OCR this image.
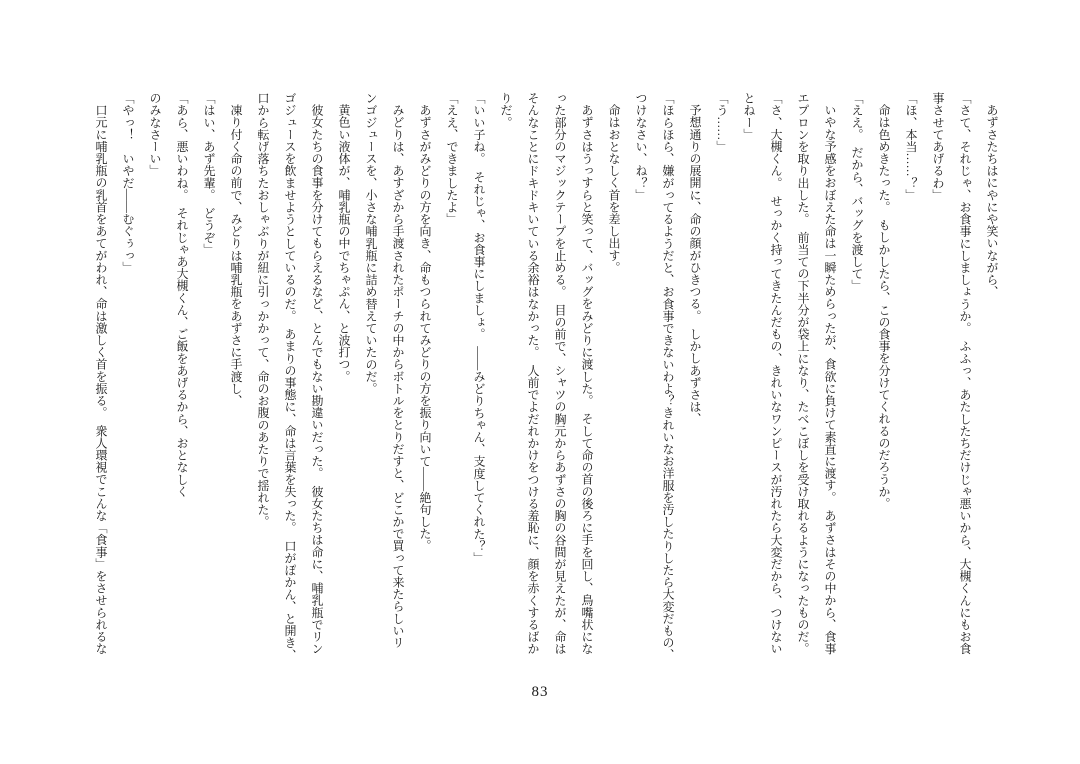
あずさたちはにやにや笑いながら、
「さて、それじゃ、お食事にしましょうか。　ふふっ、あたしたちだけじゃ悪いから、大槻くんにもお食
事させてあげるわ」
「ほ、本当……？」
命は色めきたった。　もしかしたら、この食事を分けてくれるのだろうか。
「ええ。　だから、バッグを渡して」
いやな予感をおぼえた命は一瞬ためらったが、食欲に負けて素直に渡す。　あずさはその中から、食事
エプロンを取り出した。　前当ての下半分が袋上になり、たべこぼしを受け取れるようになったものだ。
「さ、大槻くん。　せっかく持ってきたんだもの、きれいなワンピースが汚れたら大変だから、つけない
とねー」
「う……」
予想通りの展開に、命の顔がひきつる。　しかしあずさは、
「ほらほら、嫌がってるようだと、お食事できないわよ？きれいなお洋服を汚したりしたら大変だもの、
つけなさい、ね？」
命はおとなしく首を差し出す。
あずさはうっすらと笑って、バッグをみどりに渡した。　そして命の首の後ろに手を回し、鳥嘴状にな
った部分のマジックテープを止める。　目の前で、シャツの胸元からあずさの胸の谷間が見えたが、命は
そんなことにドキドキいている余裕はなかった。　人前でよだれかけをつける羞恥に、顔を赤くするばか
りだ。
「いい子ね。　それじゃ、お食事にしましょ。　――みどりちゃん、支度してくれた？」
「ええ、できましたよ」
あずさがみどりの方を向き、命もつられてみどりの方を振り向いて――絶句した。
みどりは、あすざから手渡されたポーチの中からボトルをとりだすと、どこかで買って来たらしいリ
ンゴジュースを、小さな哺乳瓶に詰め替えていたのだ。
黄色い液体が、哺乳瓶の中でちゃぷん、と波打つ。
彼女たちの食事を分けてもらえるなど、とんでもない勘違いだった。　彼女たちは命に、哺乳瓶でリン
ゴジュースを飲ませようとしているのだ。　あまりの事態に、命は言葉を失った。　口がぽかん、と開き、
口から転げ落ちたおしゃぶりが紐に引っかかって、命のお腹のあたりで揺れた。
凍り付く命の前で、みどりは哺乳瓶をあずさに手渡し、
「はい、あず先輩。　どうぞ」
「あら、悪いわね。　それじゃあ大槻くん、ご飯をあげるから、おとなしく
のみなさーい」
「やっ！　いやだ――むぐぅっ」
口元に哺乳瓶の乳首をあてがわれ、命は激しく首を振る。　衆人環視でこんな「食事」をさせられるな
83
